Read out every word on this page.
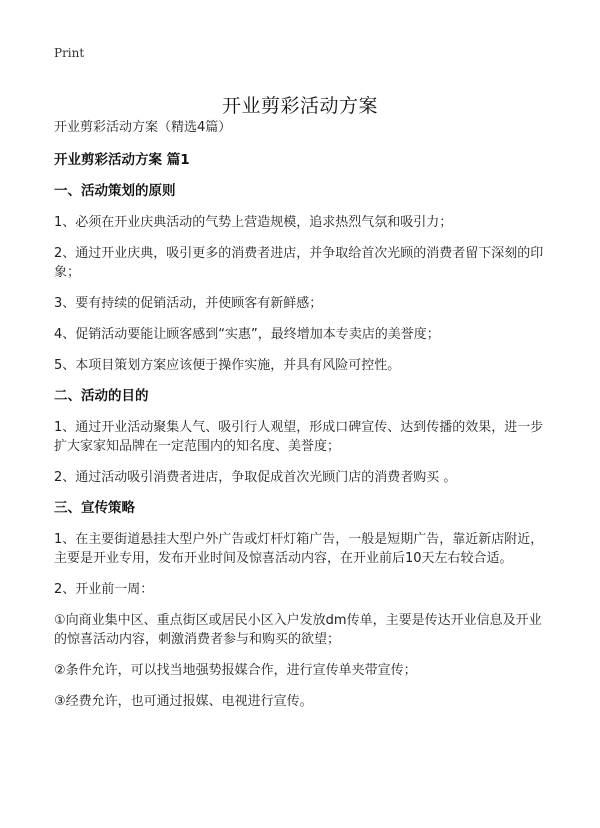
Print
开业剪彩活动方案

开业剪彩活动方案（精选4篇）

开业剪彩活动方案 篇1

一、活动策划的原则

1、必须在开业庆典活动的气势上营造规模，追求热烈气氛和吸引力；

2、通过开业庆典，吸引更多的消费者进店，并争取给首次光顾的消费者留下深刻的印象；

3、要有持续的促销活动，并使顾客有新鲜感；

4、促销活动要能让顾客感到“实惠”，最终增加本专卖店的美誉度；

5、本项目策划方案应该便于操作实施，并具有风险可控性。

二、活动的目的

1、通过开业活动聚集人气、吸引行人观望，形成口碑宣传、达到传播的效果，进一步扩大家家知品牌在一定范围内的知名度、美誉度；

2、通过活动吸引消费者进店，争取促成首次光顾门店的消费者购买 。

三、宣传策略

1、在主要街道悬挂大型户外广告或灯杆灯箱广告，一般是短期广告，靠近新店附近，主要是开业专用，发布开业时间及惊喜活动内容，在开业前后10天左右较合适。

2、开业前一周：

①向商业集中区、重点街区或居民小区入户发放dm传单，主要是传达开业信息及开业的惊喜活动内容，刺激消费者参与和购买的欲望；

②条件允许，可以找当地强势报媒合作，进行宣传单夹带宣传；

③经费允许，也可通过报媒、电视进行宣传。
